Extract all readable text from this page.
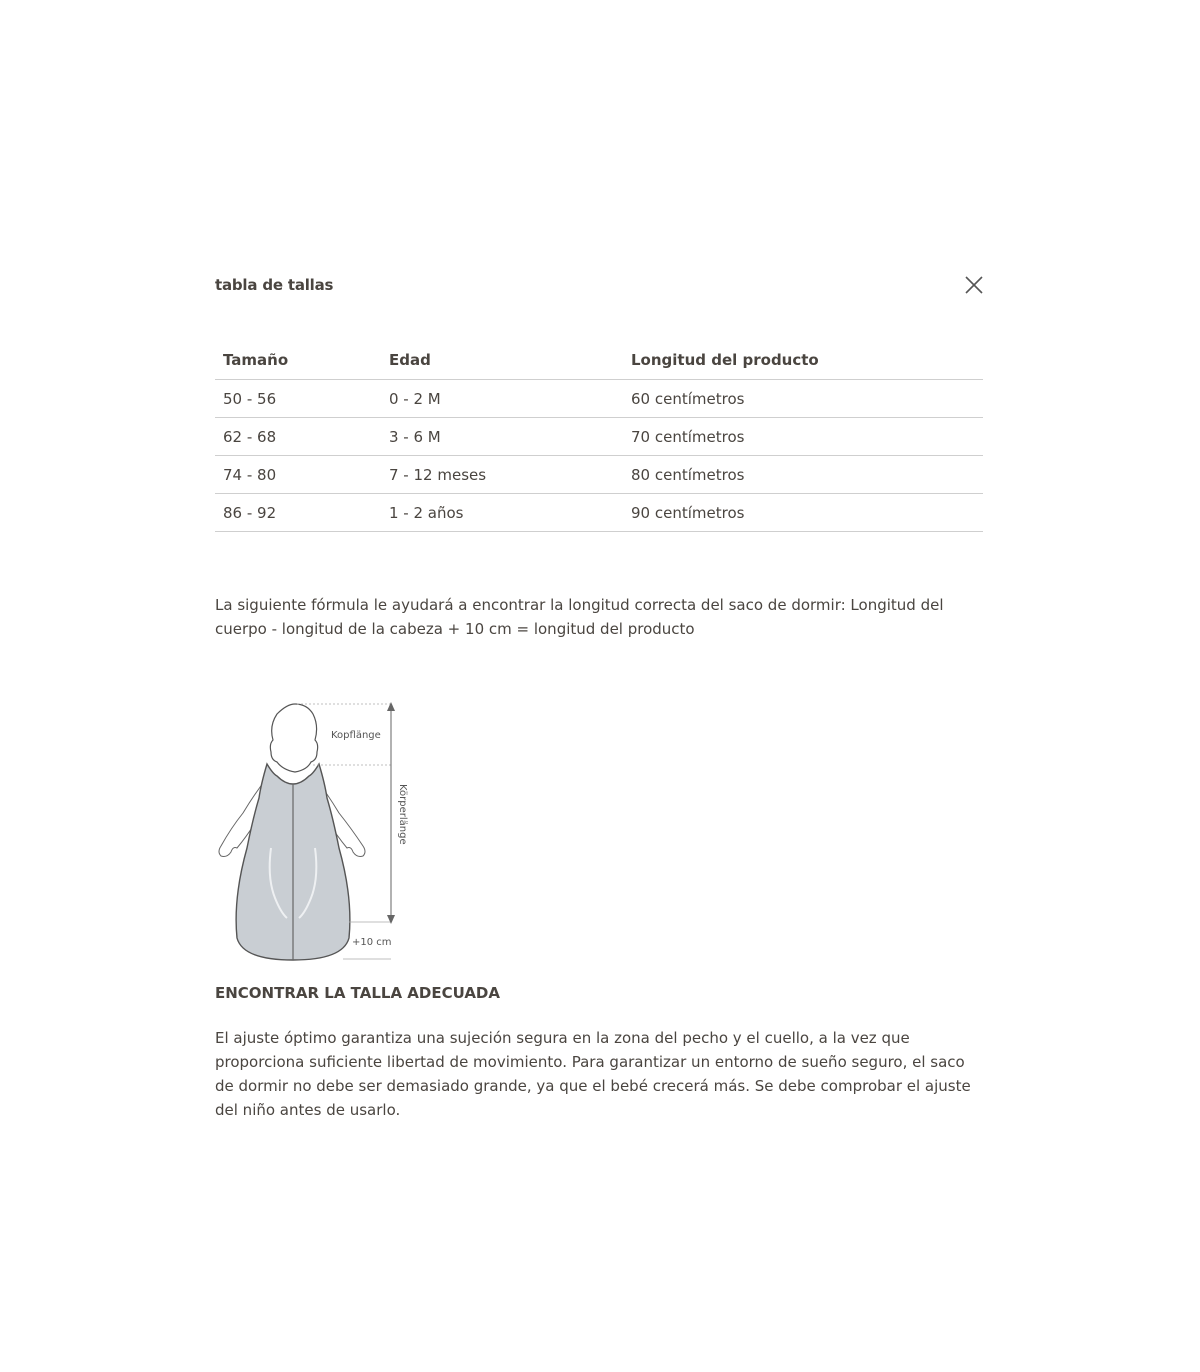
tabla de tallas
Tamaño	Edad	Longitud del producto
50 - 56	0 - 2 M	60 centímetros
62 - 68	3 - 6 M	70 centímetros
74 - 80	7 - 12 meses	80 centímetros
86 - 92	1 - 2 años	90 centímetros
La siguiente fórmula le ayudará a encontrar la longitud correcta del saco de dormir: Longitud del cuerpo - longitud de la cabeza + 10 cm = longitud del producto
Kopflänge
Körperlänge
+10 cm
ENCONTRAR LA TALLA ADECUADA
El ajuste óptimo garantiza una sujeción segura en la zona del pecho y el cuello, a la vez que proporciona suficiente libertad de movimiento. Para garantizar un entorno de sueño seguro, el saco de dormir no debe ser demasiado grande, ya que el bebé crecerá más. Se debe comprobar el ajuste del niño antes de usarlo.
